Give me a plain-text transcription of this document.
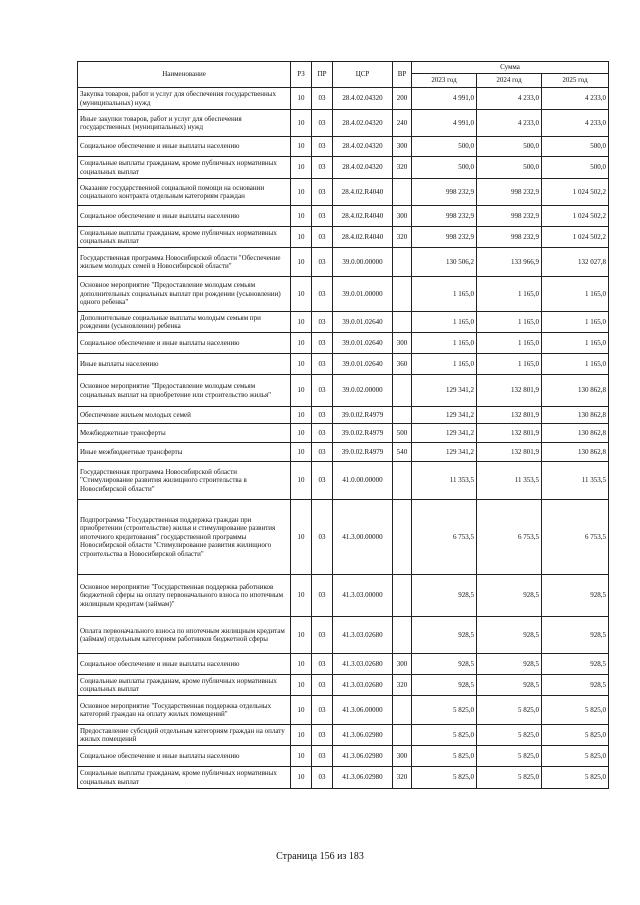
Наименование	РЗ	ПР	ЦСР	ВР	Сумма		
					2023 год	2024 год	2025 год
Закупка товаров, работ и услуг для обеспечения государственных (муниципальных) нужд	10	03	28.4.02.04320	200	4 991,0	4 233,0	4 233,0
Иные закупки товаров, работ и услуг для обеспечения государственных (муниципальных) нужд	10	03	28.4.02.04320	240	4 991,0	4 233,0	4 233,0
Социальное обеспечение и иные выплаты населению	10	03	28.4.02.04320	300	500,0	500,0	500,0
Социальные выплаты гражданам, кроме публичных нормативных социальных выплат	10	03	28.4.02.04320	320	500,0	500,0	500,0
Оказание государственной социальной помощи на основании социального контракта отдельным категориям граждан	10	03	28.4.02.R4040		998 232,9	998 232,9	1 024 502,2
Социальное обеспечение и иные выплаты населению	10	03	28.4.02.R4040	300	998 232,9	998 232,9	1 024 502,2
Социальные выплаты гражданам, кроме публичных нормативных социальных выплат	10	03	28.4.02.R4040	320	998 232,9	998 232,9	1 024 502,2
Государственная программа Новосибирской области "Обеспечение жильем молодых семей в Новосибирской области"	10	03	39.0.00.00000		130 506,2	133 966,9	132 027,8
Основное мероприятие "Предоставление молодым семьям дополнительных социальных выплат при рождении (усыновлении) одного ребенка"	10	03	39.0.01.00000		1 165,0	1 165,0	1 165,0
Дополнительные социальные выплаты молодым семьям при рождении (усыновлении) ребенка	10	03	39.0.01.02640		1 165,0	1 165,0	1 165,0
Социальное обеспечение и иные выплаты населению	10	03	39.0.01.02640	300	1 165,0	1 165,0	1 165,0
Иные выплаты населению	10	03	39.0.01.02640	360	1 165,0	1 165,0	1 165,0
Основное мероприятие "Предоставление молодым семьям социальных выплат на приобретение или строительство жилья"	10	03	39.0.02.00000		129 341,2	132 801,9	130 862,8
Обеспечение жильем молодых семей	10	03	39.0.02.R4979		129 341,2	132 801,9	130 862,8
Межбюджетные трансферты	10	03	39.0.02.R4979	500	129 341,2	132 801,9	130 862,8
Иные межбюджетные трансферты	10	03	39.0.02.R4979	540	129 341,2	132 801,9	130 862,8
Государственная программа Новосибирской области "Стимулирование развития жилищного строительства в Новосибирской области"	10	03	41.0.00.00000		11 353,5	11 353,5	11 353,5
Подпрограмма "Государственная поддержка граждан при приобретении (строительстве) жилья и стимулирование развития ипотечного кредитования" государственной программы Новосибирской области "Стимулирование развития жилищного строительства в Новосибирской области"	10	03	41.3.00.00000		6 753,5	6 753,5	6 753,5
Основное мероприятие "Государственная поддержка работников бюджетной сферы на оплату первоначального взноса по ипотечным жилищным кредитам (займам)"	10	03	41.3.03.00000		928,5	928,5	928,5
Оплата первоначального взноса по ипотечным жилищным кредитам (займам) отдельным категориям работников бюджетной сферы	10	03	41.3.03.02680		928,5	928,5	928,5
Социальное обеспечение и иные выплаты населению	10	03	41.3.03.02680	300	928,5	928,5	928,5
Социальные выплаты гражданам, кроме публичных нормативных социальных выплат	10	03	41.3.03.02680	320	928,5	928,5	928,5
Основное мероприятие "Государственная поддержка отдельных категорий граждан на оплату жилых помещений"	10	03	41.3.06.00000		5 825,0	5 825,0	5 825,0
Предоставление субсидий отдельным категориям граждан на оплату жилых помещений	10	03	41.3.06.02980		5 825,0	5 825,0	5 825,0
Социальное обеспечение и иные выплаты населению	10	03	41.3.06.02980	300	5 825,0	5 825,0	5 825,0
Социальные выплаты гражданам, кроме публичных нормативных социальных выплат	10	03	41.3.06.02980	320	5 825,0	5 825,0	5 825,0
Страница 156 из 183
